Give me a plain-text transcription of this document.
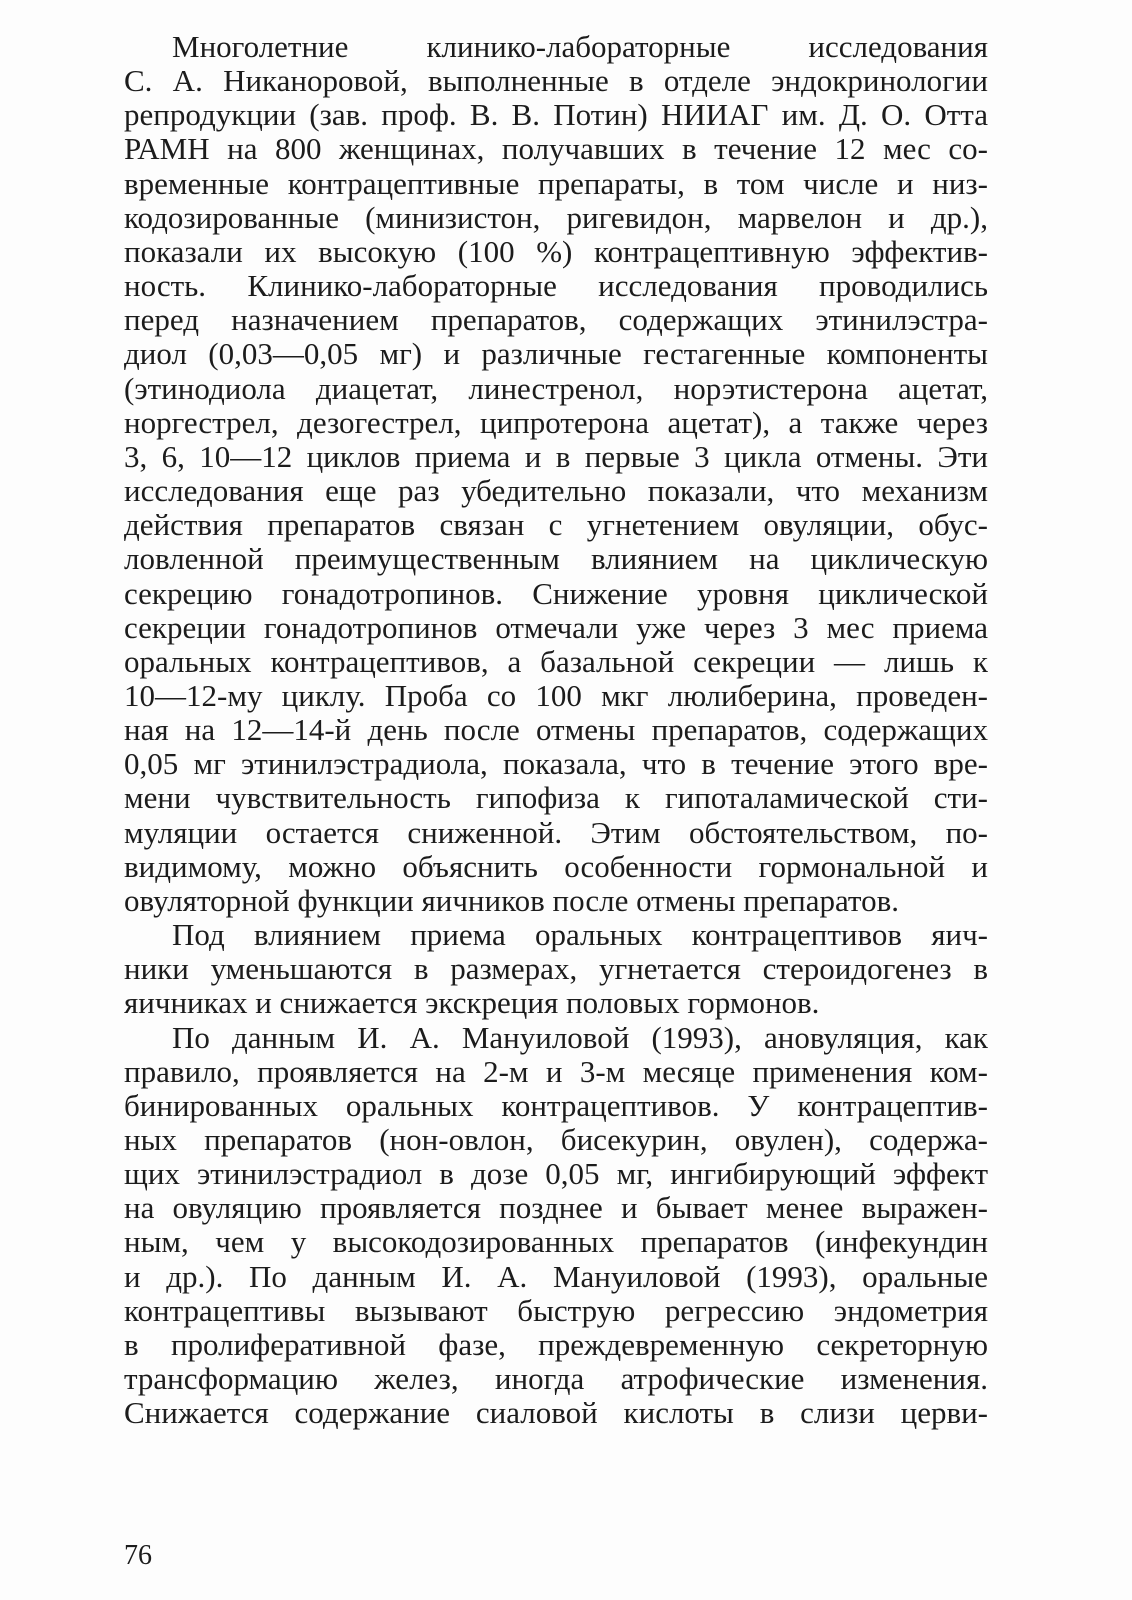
Многолетние клинико-лабораторные исследования
С. А. Никаноровой, выполненные в отделе эндокринологии
репродукции (зав. проф. В. В. Потин) НИИАГ им. Д. О. Отта
РАМН на 800 женщинах, получавших в течение 12 мес со-
временные контрацептивные препараты, в том числе и низ-
кодозированные (минизистон, ригевидон, марвелон и др.),
показали их высокую (100 %) контрацептивную эффектив-
ность. Клинико-лабораторные исследования проводились
перед назначением препаратов, содержащих этинилэстра-
диол (0,03—0,05 мг) и различные гестагенные компоненты
(этинодиола диацетат, линестренол, норэтистерона ацетат,
норгестрел, дезогестрел, ципротерона ацетат), а также через
3, 6, 10—12 циклов приема и в первые 3 цикла отмены. Эти
исследования еще раз убедительно показали, что механизм
действия препаратов связан с угнетением овуляции, обус-
ловленной преимущественным влиянием на циклическую
секрецию гонадотропинов. Снижение уровня циклической
секреции гонадотропинов отмечали уже через 3 мес приема
оральных контрацептивов, а базальной секреции — лишь к
10—12-му циклу. Проба со 100 мкг люлиберина, проведен-
ная на 12—14-й день после отмены препаратов, содержащих
0,05 мг этинилэстрадиола, показала, что в течение этого вре-
мени чувствительность гипофиза к гипоталамической сти-
муляции остается сниженной. Этим обстоятельством, по-
видимому, можно объяснить особенности гормональной и
овуляторной функции яичников после отмены препаратов.
Под влиянием приема оральных контрацептивов яич-
ники уменьшаются в размерах, угнетается стероидогенез в
яичниках и снижается экскреция половых гормонов.
По данным И. А. Мануиловой (1993), ановуляция, как
правило, проявляется на 2-м и 3-м месяце применения ком-
бинированных оральных контрацептивов. У контрацептив-
ных препаратов (нон-овлон, бисекурин, овулен), содержа-
щих этинилэстрадиол в дозе 0,05 мг, ингибирующий эффект
на овуляцию проявляется позднее и бывает менее выражен-
ным, чем у высокодозированных препаратов (инфекундин
и др.). По данным И. А. Мануиловой (1993), оральные
контрацептивы вызывают быструю регрессию эндометрия
в пролиферативной фазе, преждевременную секреторную
трансформацию желез, иногда атрофические изменения.
Снижается содержание сиаловой кислоты в слизи церви-
76
